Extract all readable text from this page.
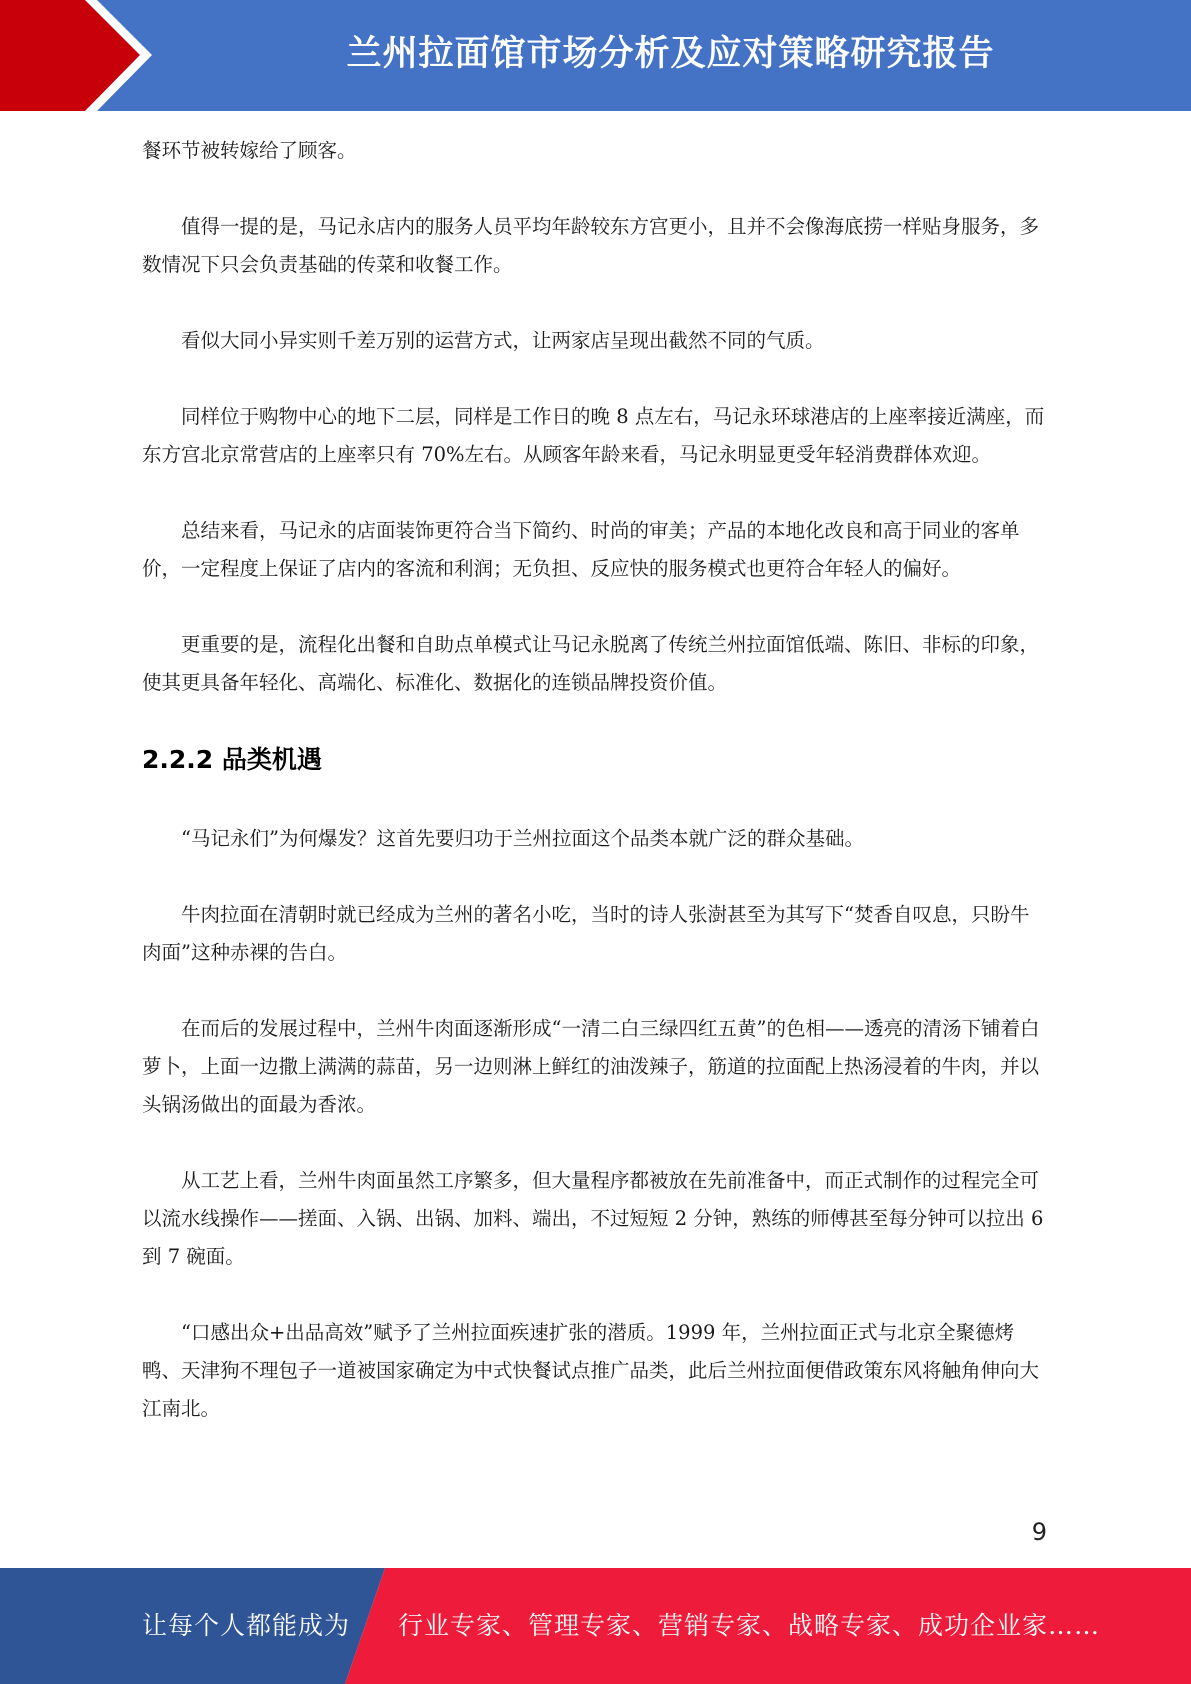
兰州拉面馆市场分析及应对策略研究报告

餐环节被转嫁给了顾客。

值得一提的是，马记永店内的服务人员平均年龄较东方宫更小，且并不会像海底捞一样贴身服务，多数情况下只会负责基础的传菜和收餐工作。

看似大同小异实则千差万别的运营方式，让两家店呈现出截然不同的气质。

同样位于购物中心的地下二层，同样是工作日的晚 8 点左右，马记永环球港店的上座率接近满座，而东方宫北京常营店的上座率只有 70%左右。从顾客年龄来看，马记永明显更受年轻消费群体欢迎。

总结来看，马记永的店面装饰更符合当下简约、时尚的审美；产品的本地化改良和高于同业的客单价，一定程度上保证了店内的客流和利润；无负担、反应快的服务模式也更符合年轻人的偏好。

更重要的是，流程化出餐和自助点单模式让马记永脱离了传统兰州拉面馆低端、陈旧、非标的印象，使其更具备年轻化、高端化、标准化、数据化的连锁品牌投资价值。

2.2.2 品类机遇

“马记永们”为何爆发？这首先要归功于兰州拉面这个品类本就广泛的群众基础。

牛肉拉面在清朝时就已经成为兰州的著名小吃，当时的诗人张澍甚至为其写下“焚香自叹息，只盼牛肉面”这种赤裸的告白。

在而后的发展过程中，兰州牛肉面逐渐形成“一清二白三绿四红五黄”的色相——透亮的清汤下铺着白萝卜，上面一边撒上满满的蒜苗，另一边则淋上鲜红的油泼辣子，筋道的拉面配上热汤浸着的牛肉，并以头锅汤做出的面最为香浓。

从工艺上看，兰州牛肉面虽然工序繁多，但大量程序都被放在先前准备中，而正式制作的过程完全可以流水线操作——搓面、入锅、出锅、加料、端出，不过短短 2 分钟，熟练的师傅甚至每分钟可以拉出 6 到 7 碗面。

“口感出众+出品高效”赋予了兰州拉面疾速扩张的潜质。1999 年，兰州拉面正式与北京全聚德烤鸭、天津狗不理包子一道被国家确定为中式快餐试点推广品类，此后兰州拉面便借政策东风将触角伸向大江南北。

9
让每个人都能成为 行业专家、管理专家、营销专家、战略专家、成功企业家……
